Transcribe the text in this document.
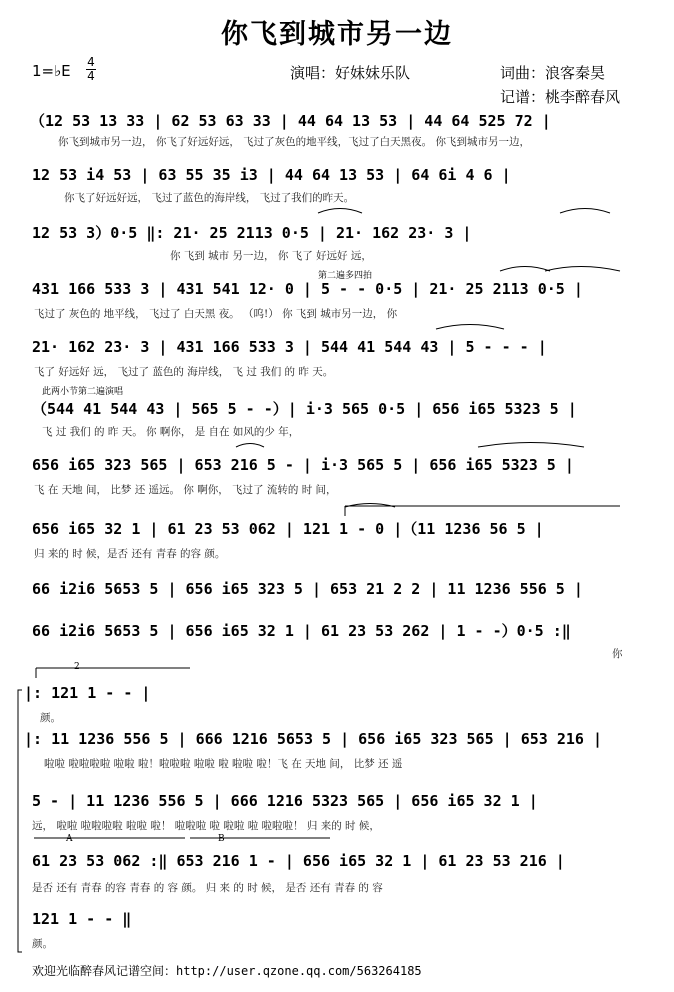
你飞到城市另一边
1=♭E 4
4	演唱：好妹妹乐队	词曲：浪客秦昊
记谱：桃李醉春风
（12 53 13 33 | 62 53 63 33 | 44 64 13 53 | 44 64 525 72 |
你飞到城市另一边， 你飞了好远好远， 飞过了灰色的地平线，飞过了白天黑夜。 你飞到城市另一边，
12 53 i4 53 | 63 55 35 i3 | 44 64 13 53 | 64 6i 4 6 |
你飞了好远好远， 飞过了蓝色的海岸线， 飞过了我们的昨天。
12 53 3）0·5 ‖: 21· 25 2113 0·5 | 21· 162 23· 3 |
你 飞到 城市 另一边， 你 飞了 好远好 远，
第二遍多四拍
431 166 533 3 | 431 541 12· 0 | 5 - - 0·5 | 21· 25 2113 0·5 |
飞过了 灰色的 地平线， 飞过了 白天黑 夜。 （呜!） 你 飞到 城市另一边， 你
21· 162 23· 3 | 431 166 533 3 | 544 41 544 43 | 5 - - - |
飞了 好远好 远， 飞过了 蓝色的 海岸线， 飞 过 我们 的 昨 天。
此两小节第二遍演唱
（544 41 544 43 | 565 5 - -）| i·3 565 0·5 | 656 i65 5323 5 |
飞 过 我们 的 昨 天。 你 啊你， 是 自在 如风的少 年，
656 i65 323 565 | 653 216 5 - | i·3 565 5 | 656 i65 5323 5 |
飞 在 天地 间， 比梦 还 遥远。 你 啊你， 飞过了 流转的 时 间，
656 i65 32 1 | 61 23 53 062 | 121 1 - 0 |（11 1236 56 5 |
归 来的 时 候，是否 还有 青春 的容 颜。
66 i2i6 5653 5 | 656 i65 323 5 | 653 21 2 2 | 11 1236 556 5 |
66 i2i6 5653 5 | 656 i65 32 1 | 61 23 53 262 | 1 - -）0·5 :‖
你
2
|: 121 1 - - |
颜。
|: 11 1236 556 5 | 666 1216 5653 5 | 656 i65 323 565 | 653 216 |
啦啦 啦啦啦啦 啦啦 啦！啦啦啦 啦啦 啦 啦啦 啦！飞 在 天地 间， 比梦 还 遥
5 - | 11 1236 556 5 | 666 1216 5323 565 | 656 i65 32 1 |
远， 啦啦 啦啦啦啦 啦啦 啦！ 啦啦啦 啦 啦啦 啦 啦啦啦！ 归 来的 时 候，
A	B
61 23 53 062 :‖ 653 216 1 - | 656 i65 32 1 | 61 23 53 216 |
是否 还有 青春 的容 青春 的 容 颜。 归 来 的 时 候， 是否 还有 青春 的 容
121 1 - - ‖
颜。
欢迎光临醉春风记谱空间：http://user.qzone.qq.com/563264185
